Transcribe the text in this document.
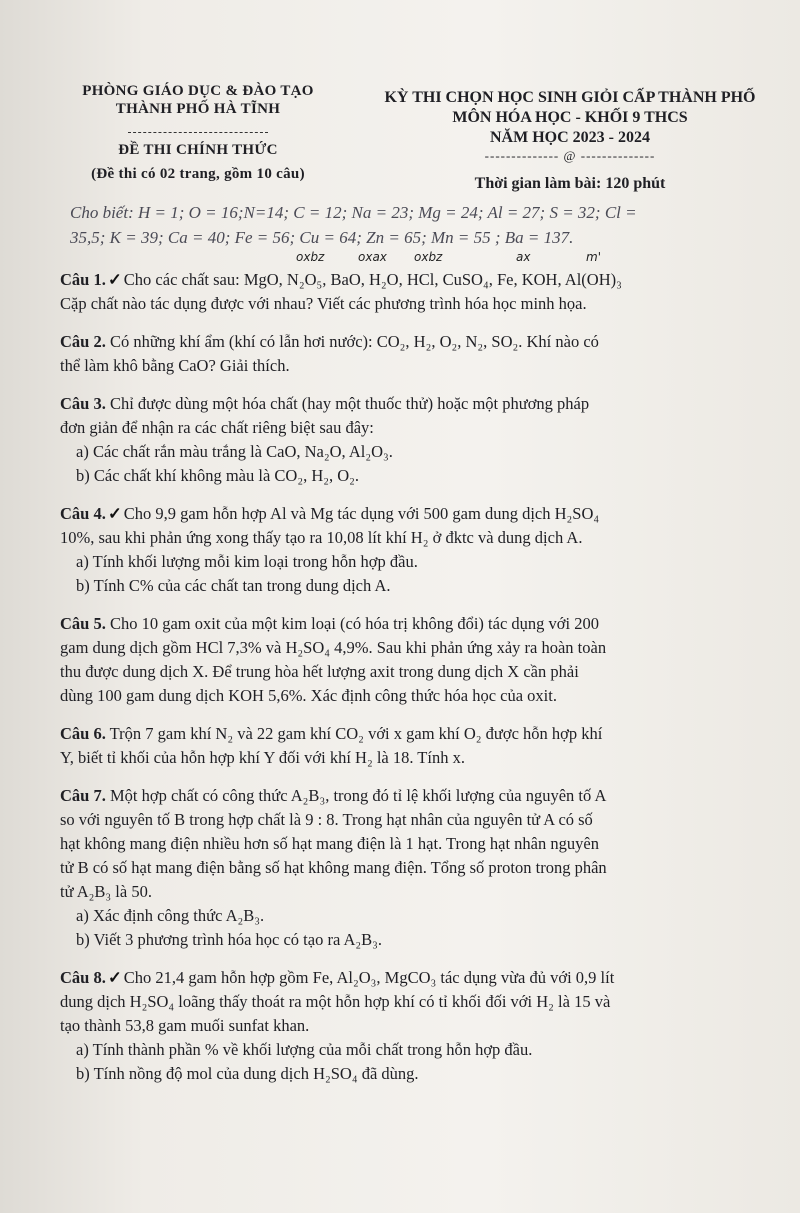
PHÒNG GIÁO DỤC & ĐÀO TẠO
THÀNH PHỐ HÀ TĨNH
ĐỀ THI CHÍNH THỨC
(Đề thi có 02 trang, gồm 10 câu)
KỲ THI CHỌN HỌC SINH GIỎI CẤP THÀNH PHỐ
MÔN HÓA HỌC - KHỐI 9 THCS
NĂM HỌC 2023 - 2024
-------------- @ --------------
Thời gian làm bài: 120 phút
Cho biết: H = 1; O = 16;N=14; C = 12; Na = 23; Mg = 24; Al = 27; S = 32; Cl =
35,5; K = 39; Ca = 40; Fe = 56; Cu = 64; Zn = 65; Mn = 55 ; Ba = 137.
oxbz	oxax oxbz	ax	m'
Câu 1. ✓ Cho các chất sau: MgO, N₂O₅, BaO, H₂O, HCl, CuSO₄, Fe, KOH, Al(OH)₃
Cặp chất nào tác dụng được với nhau? Viết các phương trình hóa học minh họa.
Câu 2. Có những khí ẩm (khí có lẫn hơi nước): CO₂, H₂, O₂, N₂, SO₂. Khí nào có
thể làm khô bằng CaO? Giải thích.
Câu 3. Chỉ được dùng một hóa chất (hay một thuốc thử) hoặc một phương pháp
đơn giản để nhận ra các chất riêng biệt sau đây:
a) Các chất rắn màu trắng là CaO, Na₂O, Al₂O₃.
b) Các chất khí không màu là CO₂, H₂, O₂.
Câu 4. ✓ Cho 9,9 gam hỗn hợp Al và Mg tác dụng với 500 gam dung dịch H₂SO₄
10%, sau khi phản ứng xong thấy tạo ra 10,08 lít khí H₂ ở đktc và dung dịch A.
a) Tính khối lượng mỗi kim loại trong hỗn hợp đầu.
b) Tính C% của các chất tan trong dung dịch A.
Câu 5. Cho 10 gam oxit của một kim loại (có hóa trị không đổi) tác dụng với 200
gam dung dịch gồm HCl 7,3% và H₂SO₄ 4,9%. Sau khi phản ứng xảy ra hoàn toàn
thu được dung dịch X. Để trung hòa hết lượng axit trong dung dịch X cần phải
dùng 100 gam dung dịch KOH 5,6%. Xác định công thức hóa học của oxit.
Câu 6. Trộn 7 gam khí N₂ và 22 gam khí CO₂ với x gam khí O₂ được hỗn hợp khí
Y, biết tỉ khối của hỗn hợp khí Y đối với khí H₂ là 18. Tính x.
Câu 7. Một hợp chất có công thức A₂B₃, trong đó tỉ lệ khối lượng của nguyên tố A
so với nguyên tố B trong hợp chất là 9 : 8. Trong hạt nhân của nguyên tử A có số
hạt không mang điện nhiều hơn số hạt mang điện là 1 hạt. Trong hạt nhân nguyên
tử B có số hạt mang điện bằng số hạt không mang điện. Tổng số proton trong phân
tử A₂B₃ là 50.
a) Xác định công thức A₂B₃.
b) Viết 3 phương trình hóa học có tạo ra A₂B₃.
Câu 8. ✓ Cho 21,4 gam hỗn hợp gồm Fe, Al₂O₃, MgCO₃ tác dụng vừa đủ với 0,9 lít
dung dịch H₂SO₄ loãng thấy thoát ra một hỗn hợp khí có tỉ khối đối với H₂ là 15 và
tạo thành 53,8 gam muối sunfat khan.
a) Tính thành phần % về khối lượng của mỗi chất trong hỗn hợp đầu.
b) Tính nồng độ mol của dung dịch H₂SO₄ đã dùng.
